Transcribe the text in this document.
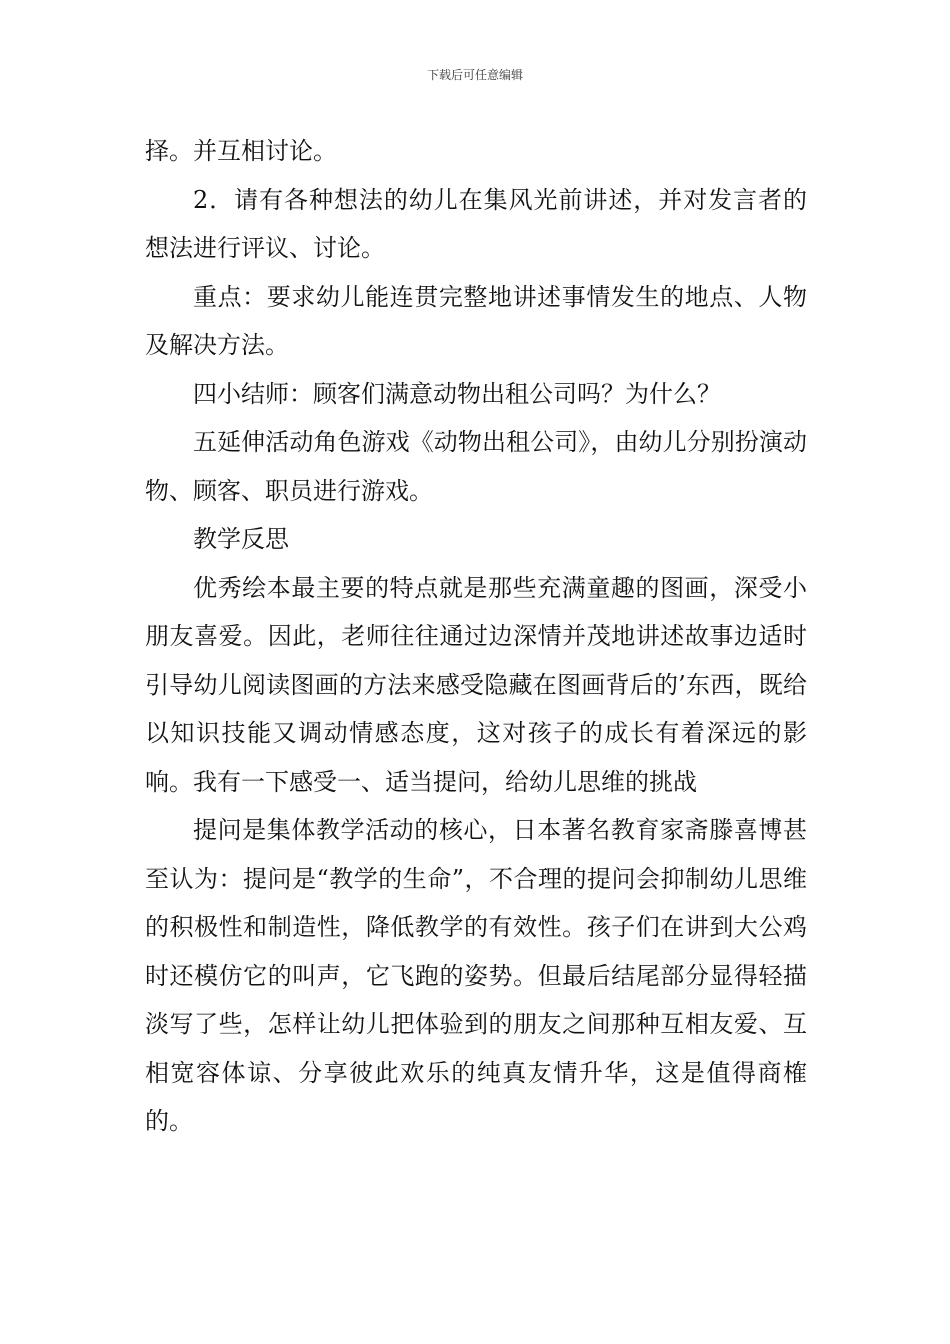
下载后可任意编辑

择。并互相讨论。

2．请有各种想法的幼儿在集风光前讲述，并对发言者的想法进行评议、讨论。

重点：要求幼儿能连贯完整地讲述事情发生的地点、人物及解决方法。

四小结师：顾客们满意动物出租公司吗？为什么？

五延伸活动角色游戏《动物出租公司》，由幼儿分别扮演动物、顾客、职员进行游戏。

教学反思

优秀绘本最主要的特点就是那些充满童趣的图画，深受小朋友喜爱。因此，老师往往通过边深情并茂地讲述故事边适时引导幼儿阅读图画的方法来感受隐藏在图画背后的’东西，既给以知识技能又调动情感态度，这对孩子的成长有着深远的影响。我有一下感受一、适当提问，给幼儿思维的挑战

提问是集体教学活动的核心，日本著名教育家斋滕喜博甚至认为：提问是“教学的生命”，不合理的提问会抑制幼儿思维的积极性和制造性，降低教学的有效性。孩子们在讲到大公鸡时还模仿它的叫声，它飞跑的姿势。但最后结尾部分显得轻描淡写了些，怎样让幼儿把体验到的朋友之间那种互相友爱、互相宽容体谅、分享彼此欢乐的纯真友情升华，这是值得商榷的。
